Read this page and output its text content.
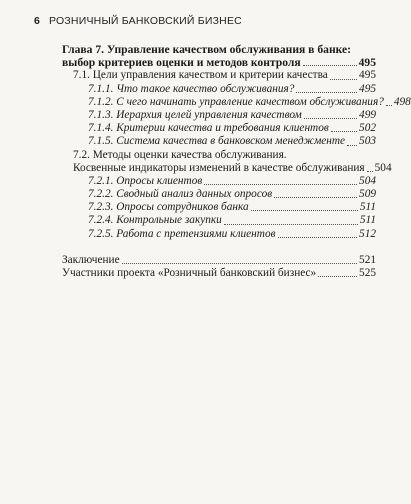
6 РОЗНИЧНЫЙ БАНКОВСКИЙ БИЗНЕС
Глава 7. Управление качеством обслуживания в банке:
выбор критериев оценки и методов контроля	495
7.1. Цели управления качеством и критерии качества	495
7.1.1. Что такое качество обслуживания?	495
7.1.2. С чего начинать управление качеством обслуживания? 498
7.1.3. Иерархия целей управления качеством	499
7.1.4. Критерии качества и требования клиентов	502
7.1.5. Система качества в банковском менеджменте 503
7.2. Методы оценки качества обслуживания.
Косвенные индикаторы изменений в качестве обслуживания 504
7.2.1. Опросы клиентов	504
7.2.2. Сводный анализ данных опросов	509
7.2.3. Опросы сотрудников банка	511
7.2.4. Контрольные закупки	511
7.2.5. Работа с претензиями клиентов	512
Заключение	521
Участники проекта «Розничный банковский бизнес»	525
